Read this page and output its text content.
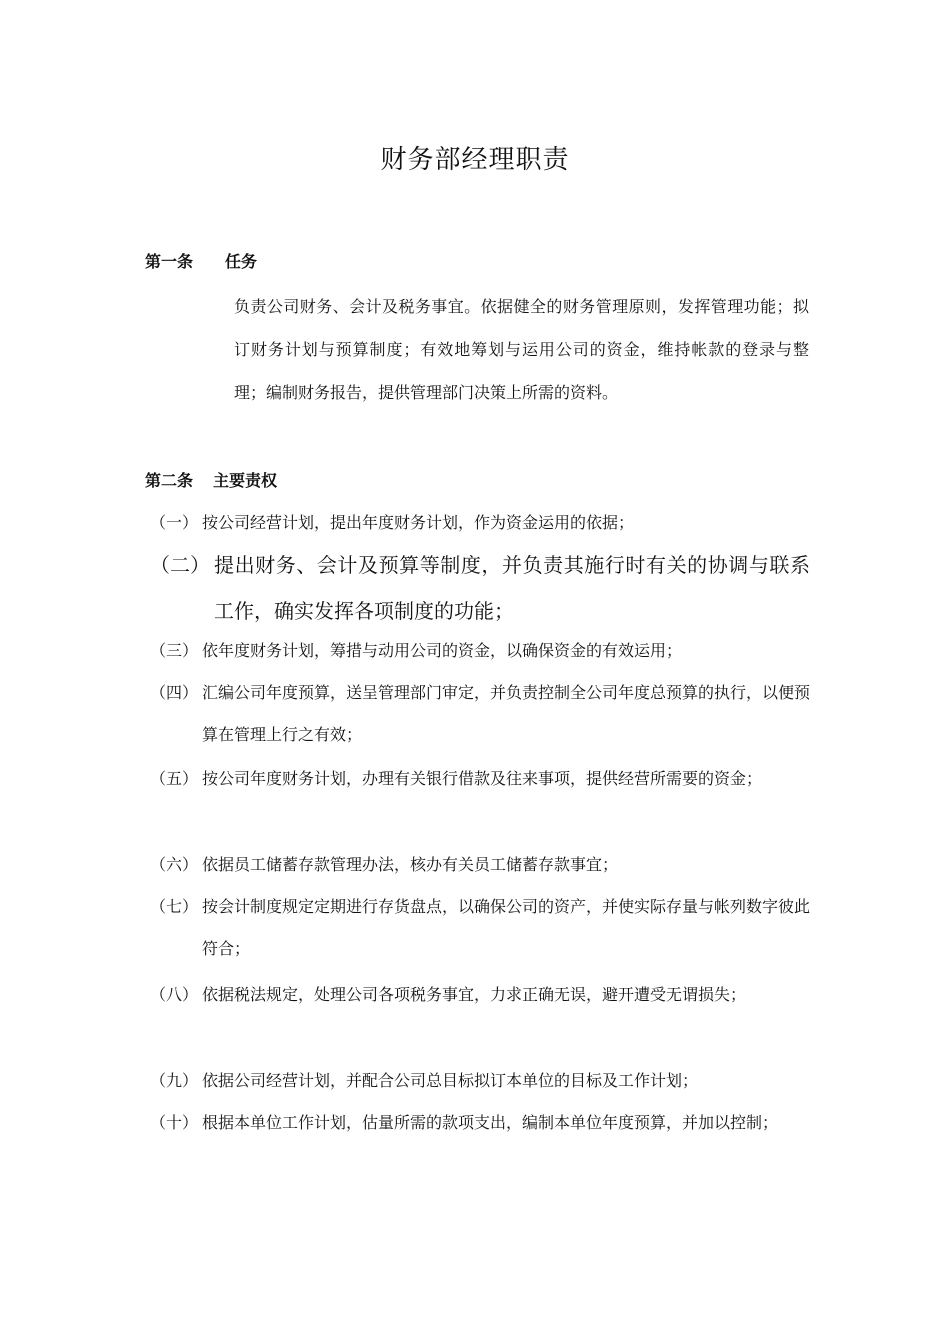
财务部经理职责
第一条 任务
负责公司财务、会计及税务事宜。依据健全的财务管理原则，发挥管理功能；拟订财务计划与预算制度；有效地筹划与运用公司的资金，维持帐款的登录与整理；编制财务报告，提供管理部门决策上所需的资料。
第二条 主要责权
（一） 按公司经营计划，提出年度财务计划，作为资金运用的依据；
（二） 提出财务、会计及预算等制度，并负责其施行时有关的协调与联系工作，确实发挥各项制度的功能；
（三） 依年度财务计划，筹措与动用公司的资金，以确保资金的有效运用；
（四） 汇编公司年度预算，送呈管理部门审定，并负责控制全公司年度总预算的执行，以便预算在管理上行之有效；
（五） 按公司年度财务计划，办理有关银行借款及往来事项，提供经营所需要的资金；
（六） 依据员工储蓄存款管理办法，核办有关员工储蓄存款事宜；
（七） 按会计制度规定定期进行存货盘点，以确保公司的资产，并使实际存量与帐列数字彼此符合；
（八） 依据税法规定，处理公司各项税务事宜，力求正确无误，避开遭受无谓损失；
（九） 依据公司经营计划，并配合公司总目标拟订本单位的目标及工作计划；
（十） 根据本单位工作计划，估量所需的款项支出，编制本单位年度预算，并加以控制；
